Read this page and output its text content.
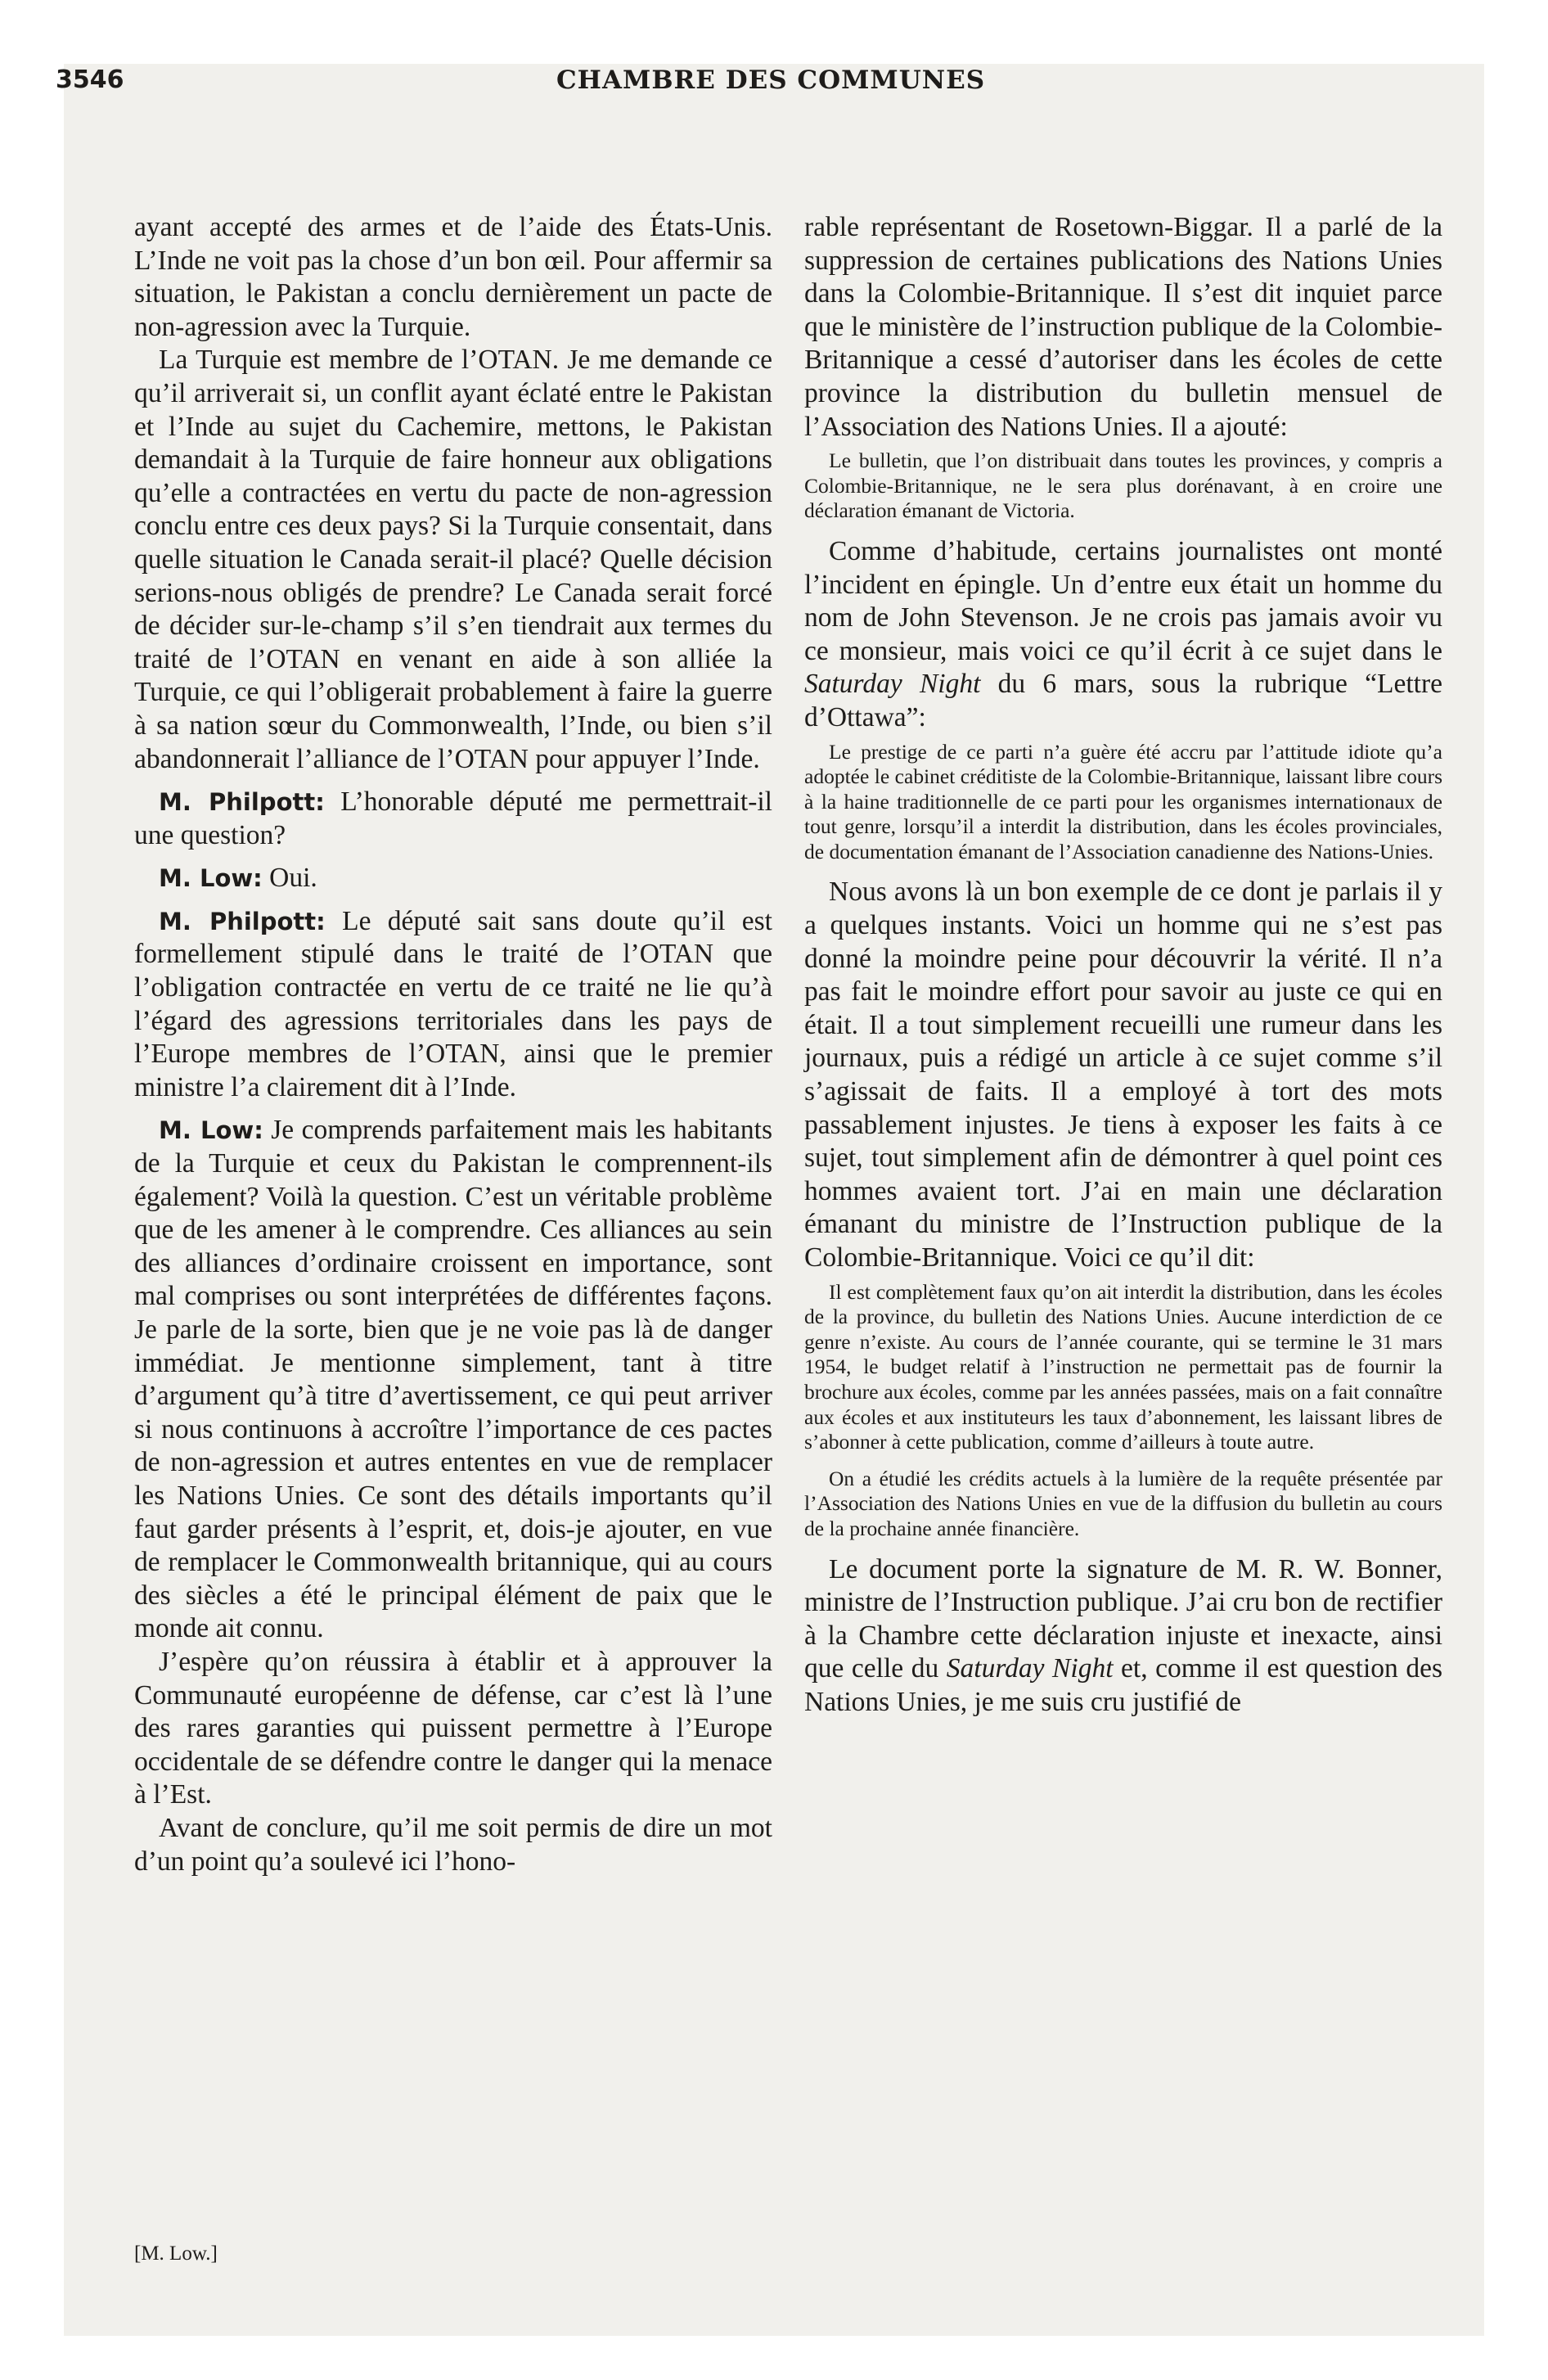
3546	CHAMBRE DES COMMUNES

ayant accepté des armes et de l’aide des États-Unis. L’Inde ne voit pas la chose d’un bon œil. Pour affermir sa situation, le Pakistan a conclu dernièrement un pacte de non-agression avec la Turquie.

La Turquie est membre de l’OTAN. Je me demande ce qu’il arriverait si, un conflit ayant éclaté entre le Pakistan et l’Inde au sujet du Cachemire, mettons, le Pakistan demandait à la Turquie de faire honneur aux obligations qu’elle a contractées en vertu du pacte de non-agression conclu entre ces deux pays? Si la Turquie consentait, dans quelle situation le Canada serait-il placé? Quelle décision serions-nous obligés de prendre? Le Canada serait forcé de décider sur-le-champ s’il s’en tiendrait aux termes du traité de l’OTAN en venant en aide à son alliée la Turquie, ce qui l’obligerait probablement à faire la guerre à sa nation sœur du Commonwealth, l’Inde, ou bien s’il abandonnerait l’alliance de l’OTAN pour appuyer l’Inde.

M. Philpott: L’honorable député me permettrait-il une question?

M. Low: Oui.

M. Philpott: Le député sait sans doute qu’il est formellement stipulé dans le traité de l’OTAN que l’obligation contractée en vertu de ce traité ne lie qu’à l’égard des agressions territoriales dans les pays de l’Europe membres de l’OTAN, ainsi que le premier ministre l’a clairement dit à l’Inde.

M. Low: Je comprends parfaitement mais les habitants de la Turquie et ceux du Pakistan le comprennent-ils également? Voilà la question. C’est un véritable problème que de les amener à le comprendre. Ces alliances au sein des alliances d’ordinaire croissent en importance, sont mal comprises ou sont interprétées de différentes façons. Je parle de la sorte, bien que je ne voie pas là de danger immédiat. Je mentionne simplement, tant à titre d’argument qu’à titre d’avertissement, ce qui peut arriver si nous continuons à accroître l’importance de ces pactes de non-agression et autres ententes en vue de remplacer les Nations Unies. Ce sont des détails importants qu’il faut garder présents à l’esprit, et, dois-je ajouter, en vue de remplacer le Commonwealth britannique, qui au cours des siècles a été le principal élément de paix que le monde ait connu.

J’espère qu’on réussira à établir et à approuver la Communauté européenne de défense, car c’est là l’une des rares garanties qui puissent permettre à l’Europe occidentale de se défendre contre le danger qui la menace à l’Est.

Avant de conclure, qu’il me soit permis de dire un mot d’un point qu’a soulevé ici l’hono-

rable représentant de Rosetown-Biggar. Il a parlé de la suppression de certaines publications des Nations Unies dans la Colombie-Britannique. Il s’est dit inquiet parce que le ministère de l’instruction publique de la Colombie-Britannique a cessé d’autoriser dans les écoles de cette province la distribution du bulletin mensuel de l’Association des Nations Unies. Il a ajouté:

Le bulletin, que l’on distribuait dans toutes les provinces, y compris a Colombie-Britannique, ne le sera plus dorénavant, à en croire une déclaration émanant de Victoria.

Comme d’habitude, certains journalistes ont monté l’incident en épingle. Un d’entre eux était un homme du nom de John Stevenson. Je ne crois pas jamais avoir vu ce monsieur, mais voici ce qu’il écrit à ce sujet dans le Saturday Night du 6 mars, sous la rubrique “Lettre d’Ottawa”:

Le prestige de ce parti n’a guère été accru par l’attitude idiote qu’a adoptée le cabinet créditiste de la Colombie-Britannique, laissant libre cours à la haine traditionnelle de ce parti pour les organismes internationaux de tout genre, lorsqu’il a interdit la distribution, dans les écoles provinciales, de documentation émanant de l’Association canadienne des Nations-Unies.

Nous avons là un bon exemple de ce dont je parlais il y a quelques instants. Voici un homme qui ne s’est pas donné la moindre peine pour découvrir la vérité. Il n’a pas fait le moindre effort pour savoir au juste ce qui en était. Il a tout simplement recueilli une rumeur dans les journaux, puis a rédigé un article à ce sujet comme s’il s’agissait de faits. Il a employé à tort des mots passablement injustes. Je tiens à exposer les faits à ce sujet, tout simplement afin de démontrer à quel point ces hommes avaient tort. J’ai en main une déclaration émanant du ministre de l’Instruction publique de la Colombie-Britannique. Voici ce qu’il dit:

Il est complètement faux qu’on ait interdit la distribution, dans les écoles de la province, du bulletin des Nations Unies. Aucune interdiction de ce genre n’existe. Au cours de l’année courante, qui se termine le 31 mars 1954, le budget relatif à l’instruction ne permettait pas de fournir la brochure aux écoles, comme par les années passées, mais on a fait connaître aux écoles et aux instituteurs les taux d’abonnement, les laissant libres de s’abonner à cette publication, comme d’ailleurs à toute autre.

On a étudié les crédits actuels à la lumière de la requête présentée par l’Association des Nations Unies en vue de la diffusion du bulletin au cours de la prochaine année financière.

Le document porte la signature de M. R. W. Bonner, ministre de l’Instruction publique. J’ai cru bon de rectifier à la Chambre cette déclaration injuste et inexacte, ainsi que celle du Saturday Night et, comme il est question des Nations Unies, je me suis cru justifié de

[M. Low.]
